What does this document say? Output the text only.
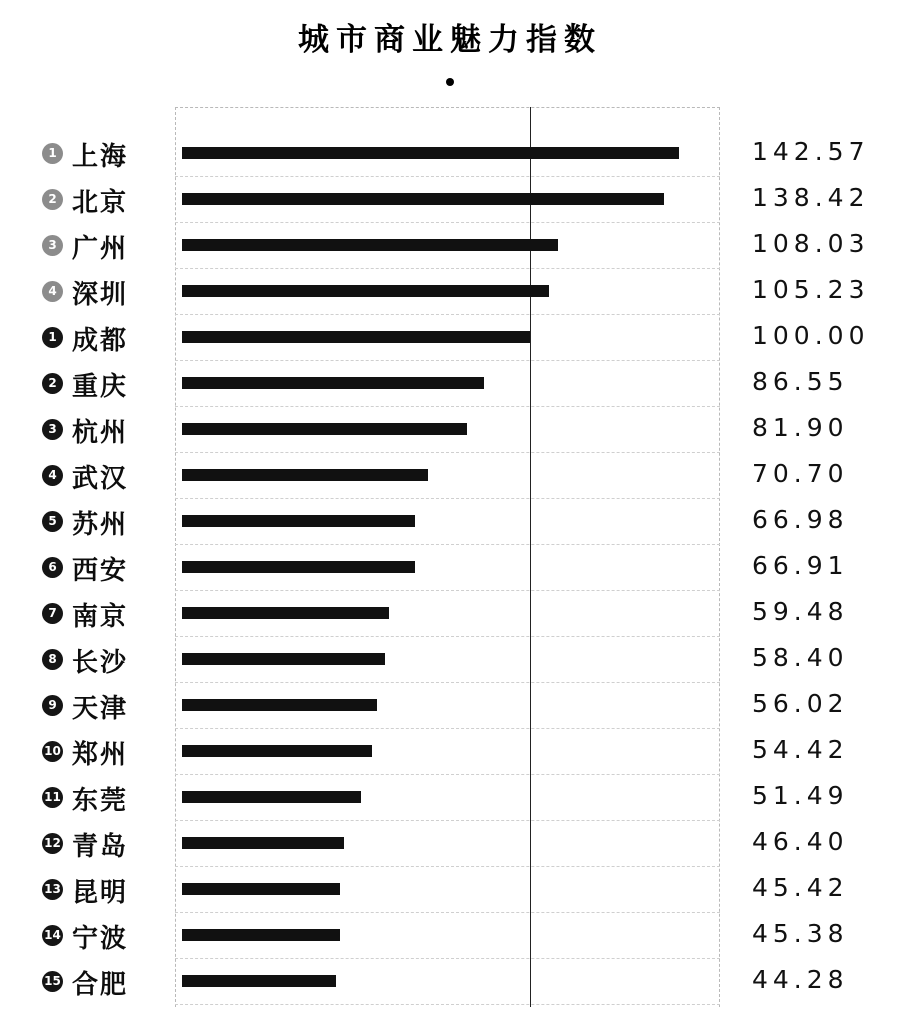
城市商业魅力指数
1 上海	142.57
2 北京	138.42
3 广州	108.03
4 深圳	105.23
1 成都	100.00
2 重庆	86.55
3 杭州	81.90
4 武汉	70.70
5 苏州	66.98
6 西安	66.91
7 南京	59.48
8 长沙	58.40
9 天津	56.02
10 郑州	54.42
11 东莞	51.49
12 青岛	46.40
13 昆明	45.42
14 宁波	45.38
15 合肥	44.28
